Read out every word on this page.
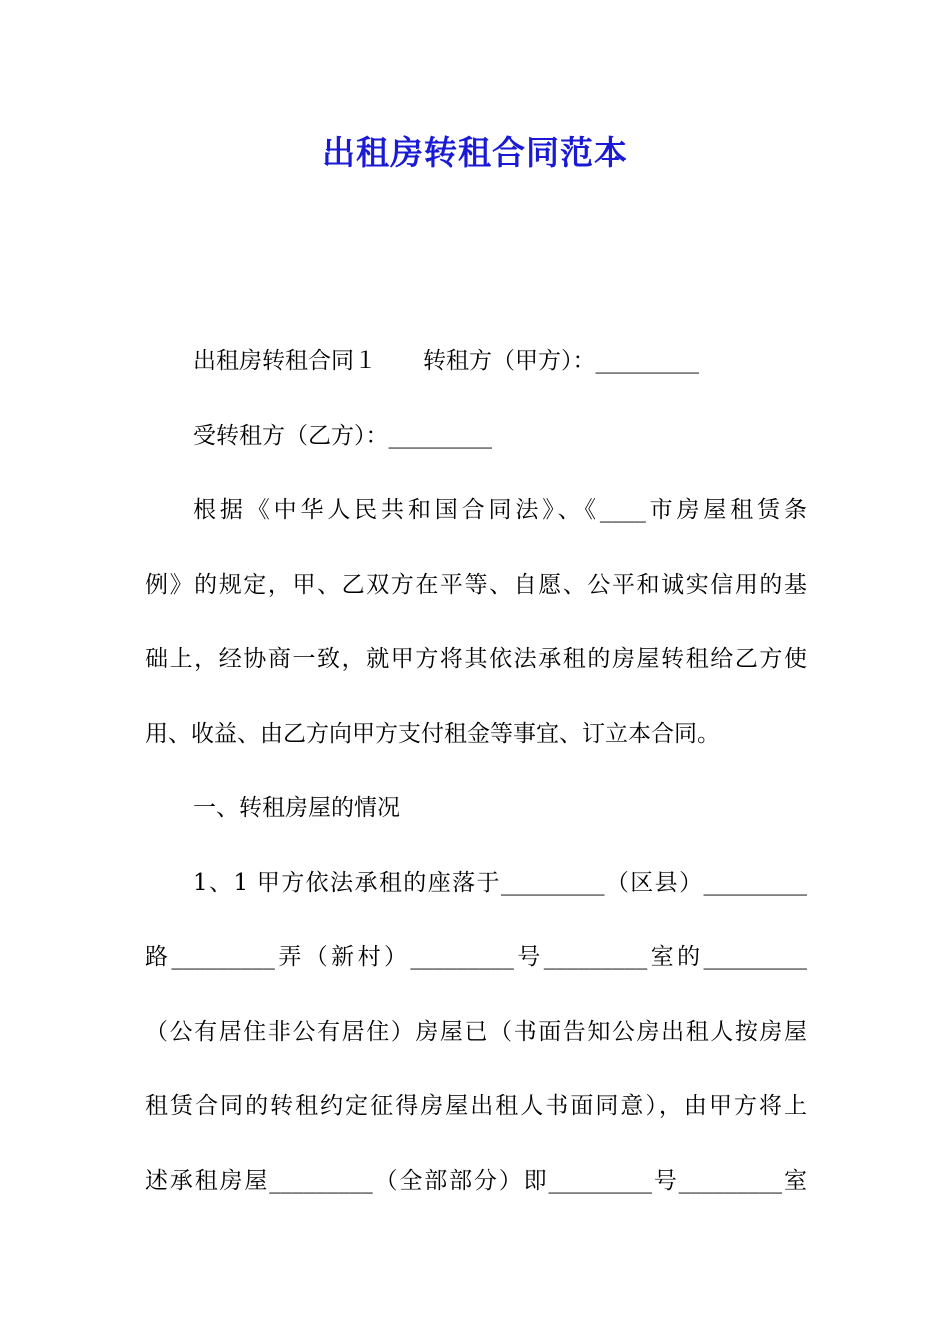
出租房转租合同范本
出租房转租合同１　　转租方（甲方）：_________
受转租方（乙方）：_________
根据《中华人民共和国合同法》、《____市房屋租赁条
例》的规定，甲、乙双方在平等、自愿、公平和诚实信用的基
础上，经协商一致，就甲方将其依法承租的房屋转租给乙方使
用、收益、由乙方向甲方支付租金等事宜、订立本合同。
一、转租房屋的情况
1、1 甲方依法承租的座落于_________（区县）_________
路_________弄（新村）_________号_________室的_________
（公有居住非公有居住）房屋已（书面告知公房出租人按房屋
租赁合同的转租约定征得房屋出租人书面同意），由甲方将上
述承租房屋_________（全部部分）即_________号_________室
